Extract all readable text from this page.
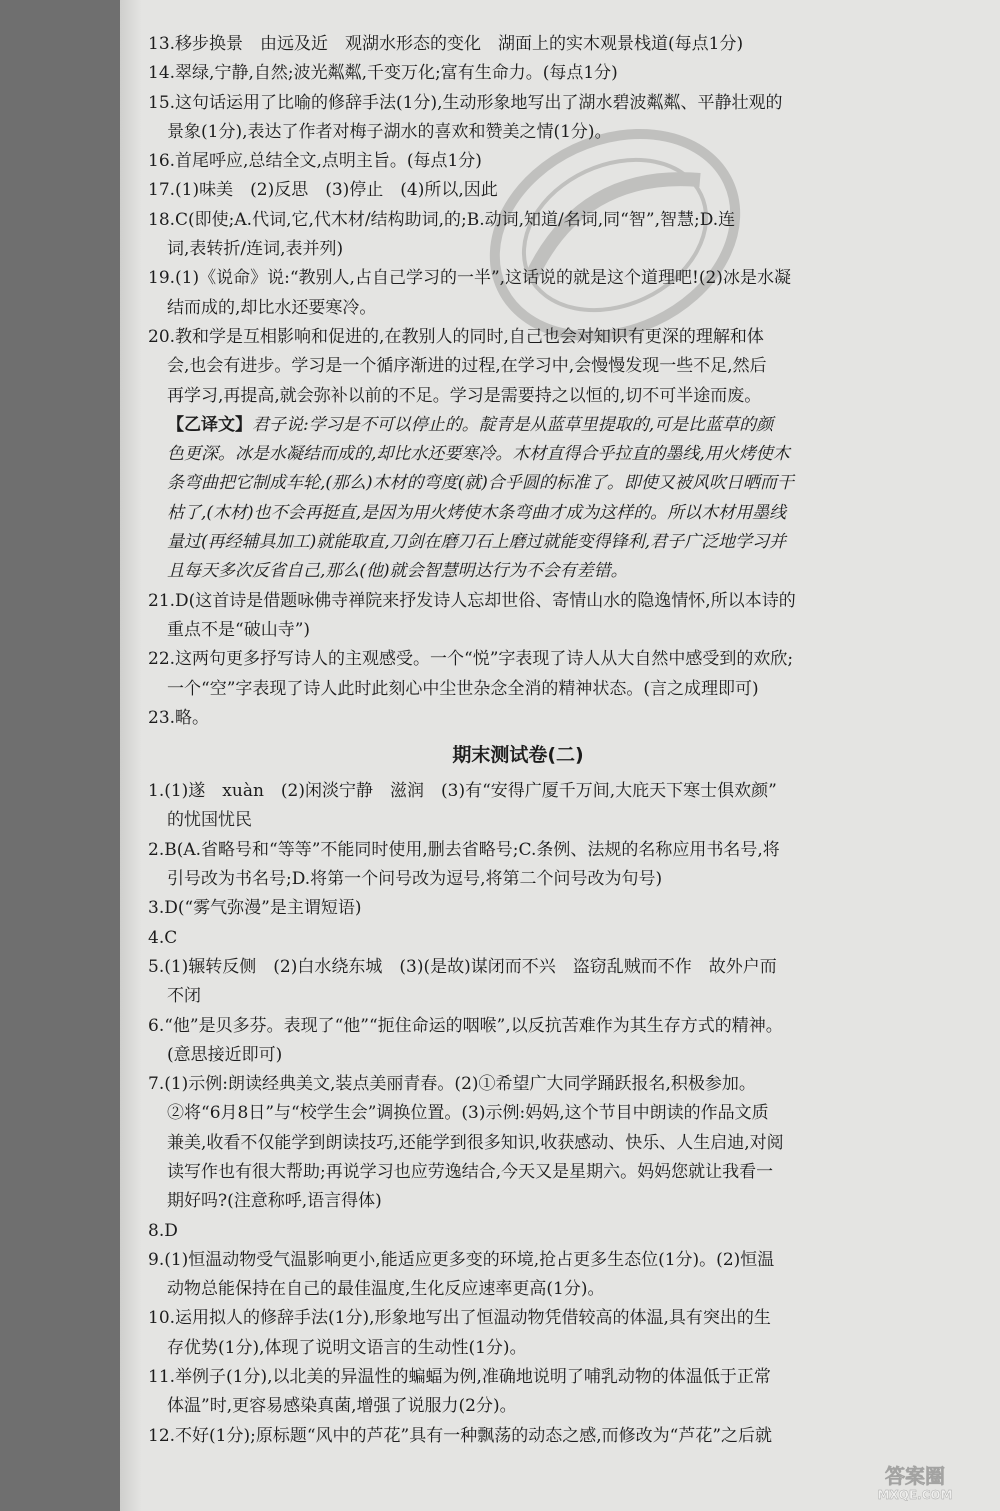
13.移步换景　由远及近　观湖水形态的变化　湖面上的实木观景栈道(每点1分)
14.翠绿,宁静,自然;波光粼粼,千变万化;富有生命力。(每点1分)
15.这句话运用了比喻的修辞手法(1分),生动形象地写出了湖水碧波粼粼、平静壮观的
景象(1分),表达了作者对梅子湖水的喜欢和赞美之情(1分)。
16.首尾呼应,总结全文,点明主旨。(每点1分)
17.(1)味美　(2)反思　(3)停止　(4)所以,因此
18.C(即使;A.代词,它,代木材/结构助词,的;B.动词,知道/名词,同“智”,智慧;D.连
词,表转折/连词,表并列)
19.(1)《说命》说:“教别人,占自己学习的一半”,这话说的就是这个道理吧!(2)冰是水凝
结而成的,却比水还要寒冷。
20.教和学是互相影响和促进的,在教别人的同时,自己也会对知识有更深的理解和体
会,也会有进步。学习是一个循序渐进的过程,在学习中,会慢慢发现一些不足,然后
再学习,再提高,就会弥补以前的不足。学习是需要持之以恒的,切不可半途而废。
【乙译文】君子说:学习是不可以停止的。靛青是从蓝草里提取的,可是比蓝草的颜
色更深。冰是水凝结而成的,却比水还要寒冷。木材直得合乎拉直的墨线,用火烤使木
条弯曲把它制成车轮,(那么)木材的弯度(就)合乎圆的标准了。即使又被风吹日晒而干
枯了,(木材)也不会再挺直,是因为用火烤使木条弯曲才成为这样的。所以木材用墨线
量过(再经辅具加工)就能取直,刀剑在磨刀石上磨过就能变得锋利,君子广泛地学习并
且每天多次反省自己,那么(他)就会智慧明达行为不会有差错。
21.D(这首诗是借题咏佛寺禅院来抒发诗人忘却世俗、寄情山水的隐逸情怀,所以本诗的
重点不是“破山寺”)
22.这两句更多抒写诗人的主观感受。一个“悦”字表现了诗人从大自然中感受到的欢欣;
一个“空”字表现了诗人此时此刻心中尘世杂念全消的精神状态。(言之成理即可)
23.略。
期末测试卷(二)
1.(1)遂　xuàn　(2)闲淡宁静　滋润　(3)有“安得广厦千万间,大庇天下寒士俱欢颜”
的忧国忧民
2.B(A.省略号和“等等”不能同时使用,删去省略号;C.条例、法规的名称应用书名号,将
引号改为书名号;D.将第一个问号改为逗号,将第二个问号改为句号)
3.D(“雾气弥漫”是主谓短语)
4.C
5.(1)辗转反侧　(2)白水绕东城　(3)(是故)谋闭而不兴　盗窃乱贼而不作　故外户而
不闭
6.“他”是贝多芬。表现了“他”“扼住命运的咽喉”,以反抗苦难作为其生存方式的精神。
(意思接近即可)
7.(1)示例:朗读经典美文,装点美丽青春。(2)①希望广大同学踊跃报名,积极参加。
②将“6月8日”与“校学生会”调换位置。(3)示例:妈妈,这个节目中朗读的作品文质
兼美,收看不仅能学到朗读技巧,还能学到很多知识,收获感动、快乐、人生启迪,对阅
读写作也有很大帮助;再说学习也应劳逸结合,今天又是星期六。妈妈您就让我看一
期好吗?(注意称呼,语言得体)
8.D
9.(1)恒温动物受气温影响更小,能适应更多变的环境,抢占更多生态位(1分)。(2)恒温
动物总能保持在自己的最佳温度,生化反应速率更高(1分)。
10.运用拟人的修辞手法(1分),形象地写出了恒温动物凭借较高的体温,具有突出的生
存优势(1分),体现了说明文语言的生动性(1分)。
11.举例子(1分),以北美的异温性的蝙蝠为例,准确地说明了哺乳动物的体温低于正常
体温”时,更容易感染真菌,增强了说服力(2分)。
12.不好(1分);原标题“风中的芦花”具有一种飘荡的动态之感,而修改为“芦花”之后就
答案圈
MXQE.COM
